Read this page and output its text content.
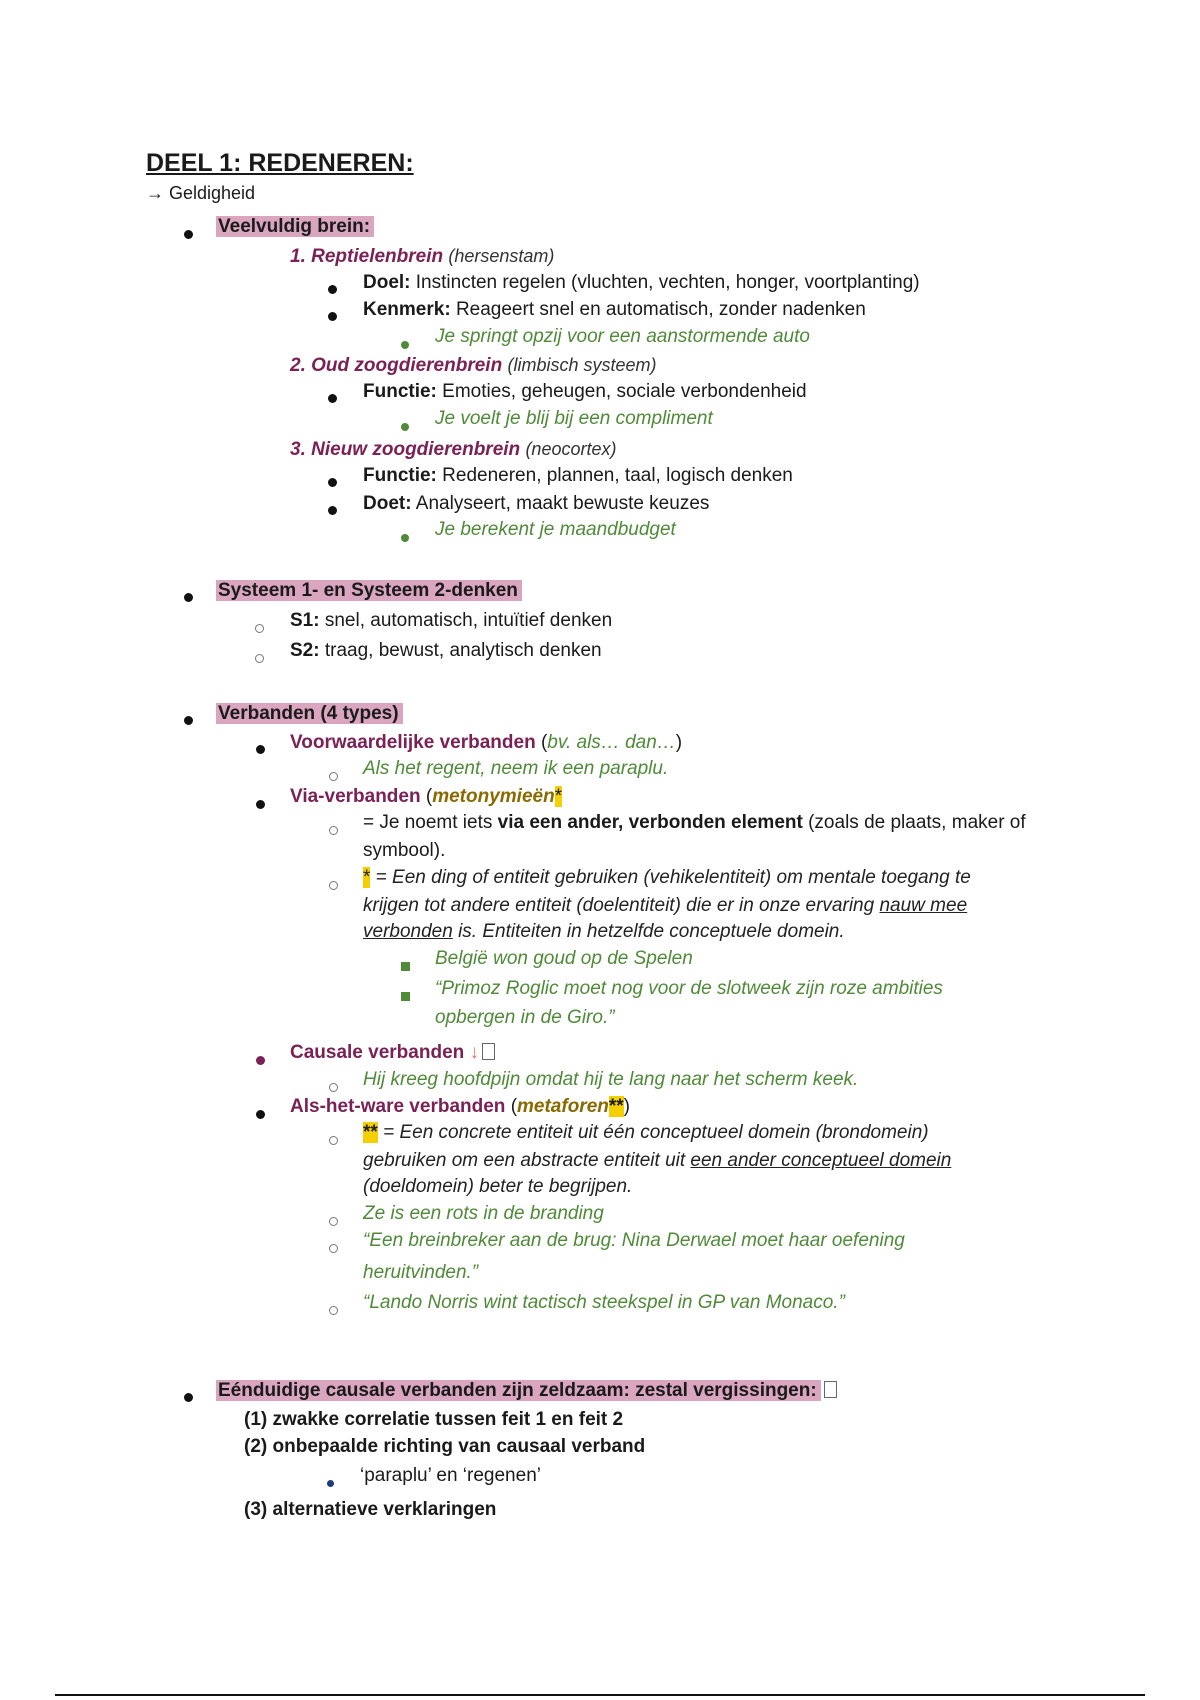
DEEL 1: REDENEREN:
→ Geldigheid
Veelvuldig brein:
1. Reptielenbrein (hersenstam)
Doel: Instincten regelen (vluchten, vechten, honger, voortplanting)
Kenmerk: Reageert snel en automatisch, zonder nadenken
Je springt opzij voor een aanstormende auto
2. Oud zoogdierenbrein (limbisch systeem)
Functie: Emoties, geheugen, sociale verbondenheid
Je voelt je blij bij een compliment
3. Nieuw zoogdierenbrein (neocortex)
Functie: Redeneren, plannen, taal, logisch denken
Doet: Analyseert, maakt bewuste keuzes
Je berekent je maandbudget
Systeem 1- en Systeem 2-denken
S1: snel, automatisch, intuïtief denken
S2: traag, bewust, analytisch denken
Verbanden (4 types)
Voorwaardelijke verbanden (bv. als… dan…)
Als het regent, neem ik een paraplu.
Via-verbanden (metonymieën*
= Je noemt iets via een ander, verbonden element (zoals de plaats, maker of
symbool).
* = Een ding of entiteit gebruiken (vehikelentiteit) om mentale toegang te
krijgen tot andere entiteit (doelentiteit) die er in onze ervaring nauw mee
verbonden is. Entiteiten in hetzelfde conceptuele domein.
België won goud op de Spelen
“Primoz Roglic moet nog voor de slotweek zijn roze ambities
opbergen in de Giro.”
Causale verbanden ↓
Hij kreeg hoofdpijn omdat hij te lang naar het scherm keek.
Als-het-ware verbanden (metaforen**)
** = Een concrete entiteit uit één conceptueel domein (brondomein)
gebruiken om een abstracte entiteit uit een ander conceptueel domein
(doeldomein) beter te begrijpen.
Ze is een rots in de branding
“Een breinbreker aan de brug: Nina Derwael moet haar oefening
heruitvinden.”
“Lando Norris wint tactisch steekspel in GP van Monaco.”
Eénduidige causale verbanden zijn zeldzaam: zestal vergissingen:
(1) zwakke correlatie tussen feit 1 en feit 2
(2) onbepaalde richting van causaal verband
‘paraplu’ en ‘regenen’
(3) alternatieve verklaringen
